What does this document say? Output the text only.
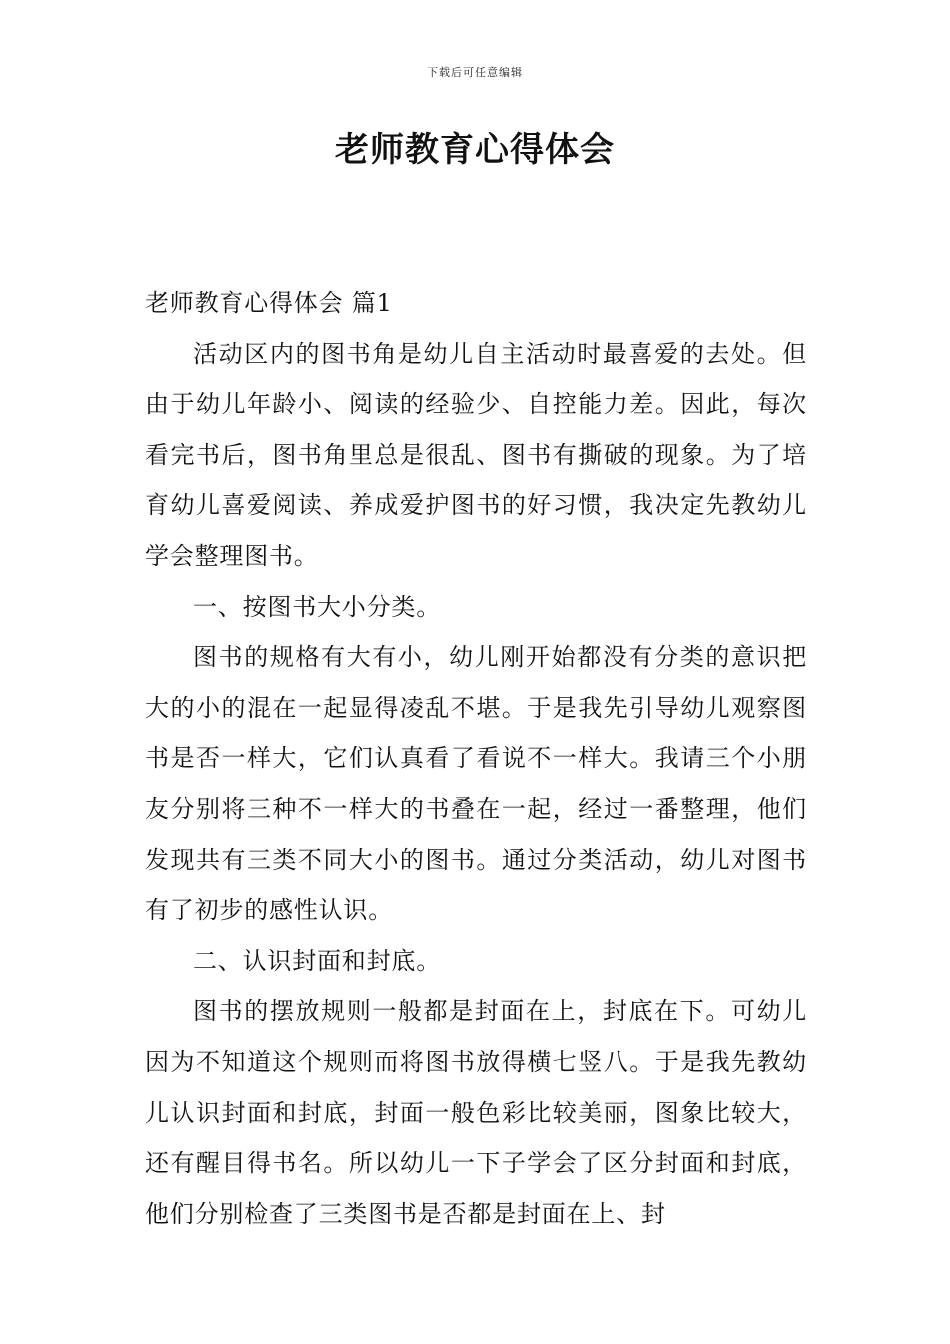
下载后可任意编辑
老师教育心得体会

老师教育心得体会 篇1

活动区内的图书角是幼儿自主活动时最喜爱的去处。但由于幼儿年龄小、阅读的经验少、自控能力差。因此，每次看完书后，图书角里总是很乱、图书有撕破的现象。为了培育幼儿喜爱阅读、养成爱护图书的好习惯，我决定先教幼儿学会整理图书。

一、按图书大小分类。

图书的规格有大有小，幼儿刚开始都没有分类的意识把大的小的混在一起显得凌乱不堪。于是我先引导幼儿观察图书是否一样大，它们认真看了看说不一样大。我请三个小朋友分别将三种不一样大的书叠在一起，经过一番整理，他们发现共有三类不同大小的图书。通过分类活动，幼儿对图书有了初步的感性认识。

二、认识封面和封底。

图书的摆放规则一般都是封面在上，封底在下。可幼儿因为不知道这个规则而将图书放得横七竖八。于是我先教幼儿认识封面和封底，封面一般色彩比较美丽，图象比较大，还有醒目得书名。所以幼儿一下子学会了区分封面和封底，他们分别检查了三类图书是否都是封面在上、封
